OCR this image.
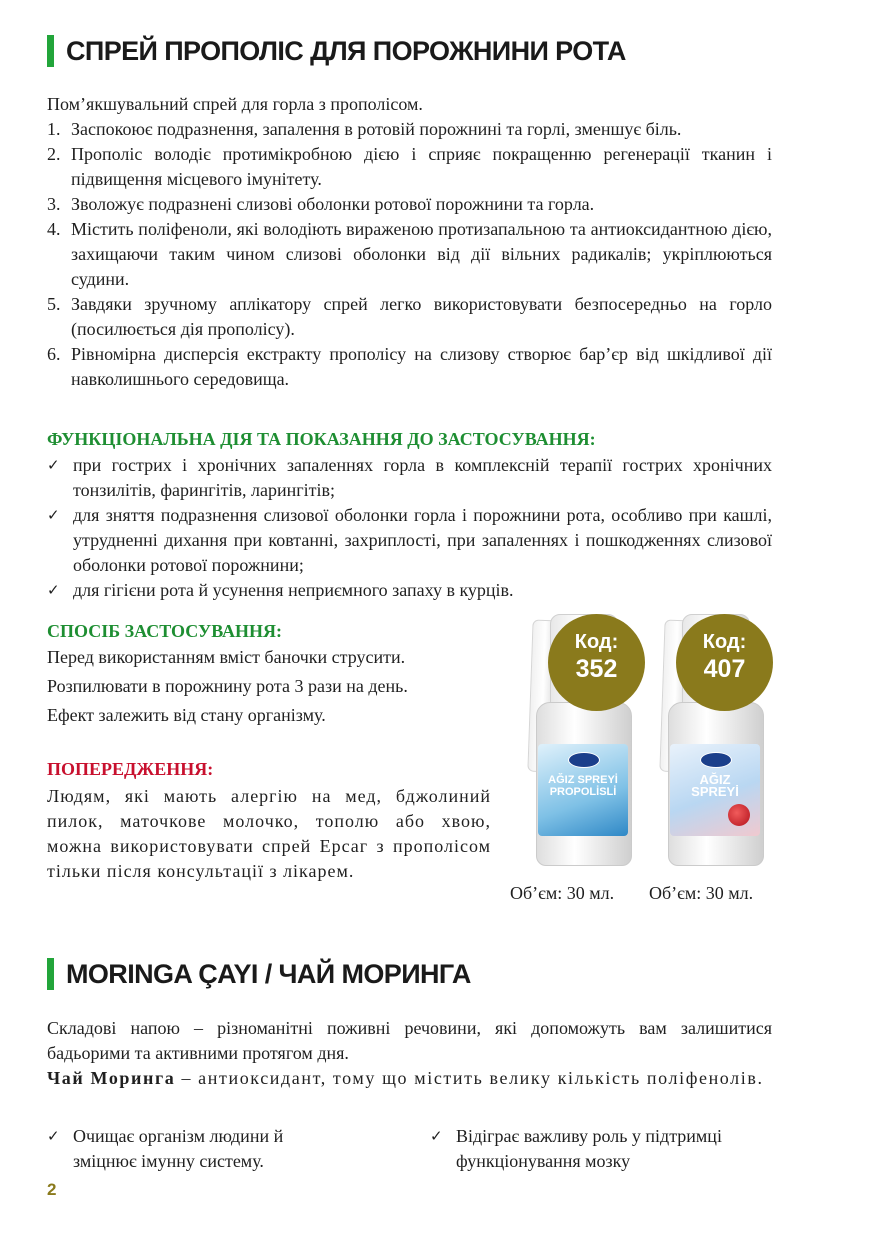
СПРЕЙ ПРОПОЛІС ДЛЯ ПОРОЖНИНИ РОТА
Пом’якшувальний спрей для горла з прополісом.
1. Заспокоює подразнення, запалення в ротовій порожнині та горлі, зменшує біль.
2. Прополіс володіє протимікробною дією і сприяє покращенню регенерації тканин і підвищення місцевого імунітету.
3. Зволожує подразнені слизові оболонки ротової порожнини та горла.
4. Містить поліфеноли, які володіють вираженою протизапальною та антиоксидантною дією, захищаючи таким чином слизові оболонки від дії вільних радикалів; укріплюються судини.
5. Завдяки зручному аплікатору спрей легко використовувати безпосередньо на горло (посилюється дія прополісу).
6. Рівномірна дисперсія екстракту прополісу на слизову створює бар’єр від шкідливої дії навколишнього середовища.
ФУНКЦІОНАЛЬНА ДІЯ ТА ПОКАЗАННЯ ДО ЗАСТОСУВАННЯ:
✓ при гострих і хронічних запаленнях горла в комплексній терапії гострих хронічних тонзилітів, фарингітів, ларингітів;
✓ для зняття подразнення слизової оболонки горла і порожнини рота, особливо при кашлі, утрудненні дихання при ковтанні, захриплості, при запаленнях і пошкодженнях слизової оболонки ротової порожнини;
✓ для гігієни рота й усунення неприємного запаху в курців.
СПОСІБ ЗАСТОСУВАННЯ:
Перед використанням вміст баночки струсити.
Розпилювати в порожнину рота 3 рази на день.
Ефект залежить від стану організму.
ПОПЕРЕДЖЕННЯ:
Людям, які мають алергію на мед, бджолиний пилок, маточкове молочко, тополю або хвою, можна використовувати спрей Ерсаг з прополісом тільки після консультації з лікарем.
AĞIZ SPREYİ PROPOLİSLİ
Код:
352
Об’єм: 30 мл.
AĞIZ SPREYİ
Код:
407
Об’єм: 30 мл.
MORINGA ÇAYI / ЧАЙ МОРИНГА
Складові напою – різноманітні поживні речовини, які допоможуть вам залишитися бадьорими та активними протягом дня.
Чай Моринга – антиоксидант, тому що містить велику кількість поліфенолів.
✓ Очищає організм людини й зміцнює імунну систему.
✓ Відіграє важливу роль у підтримці функціонування мозку
2
